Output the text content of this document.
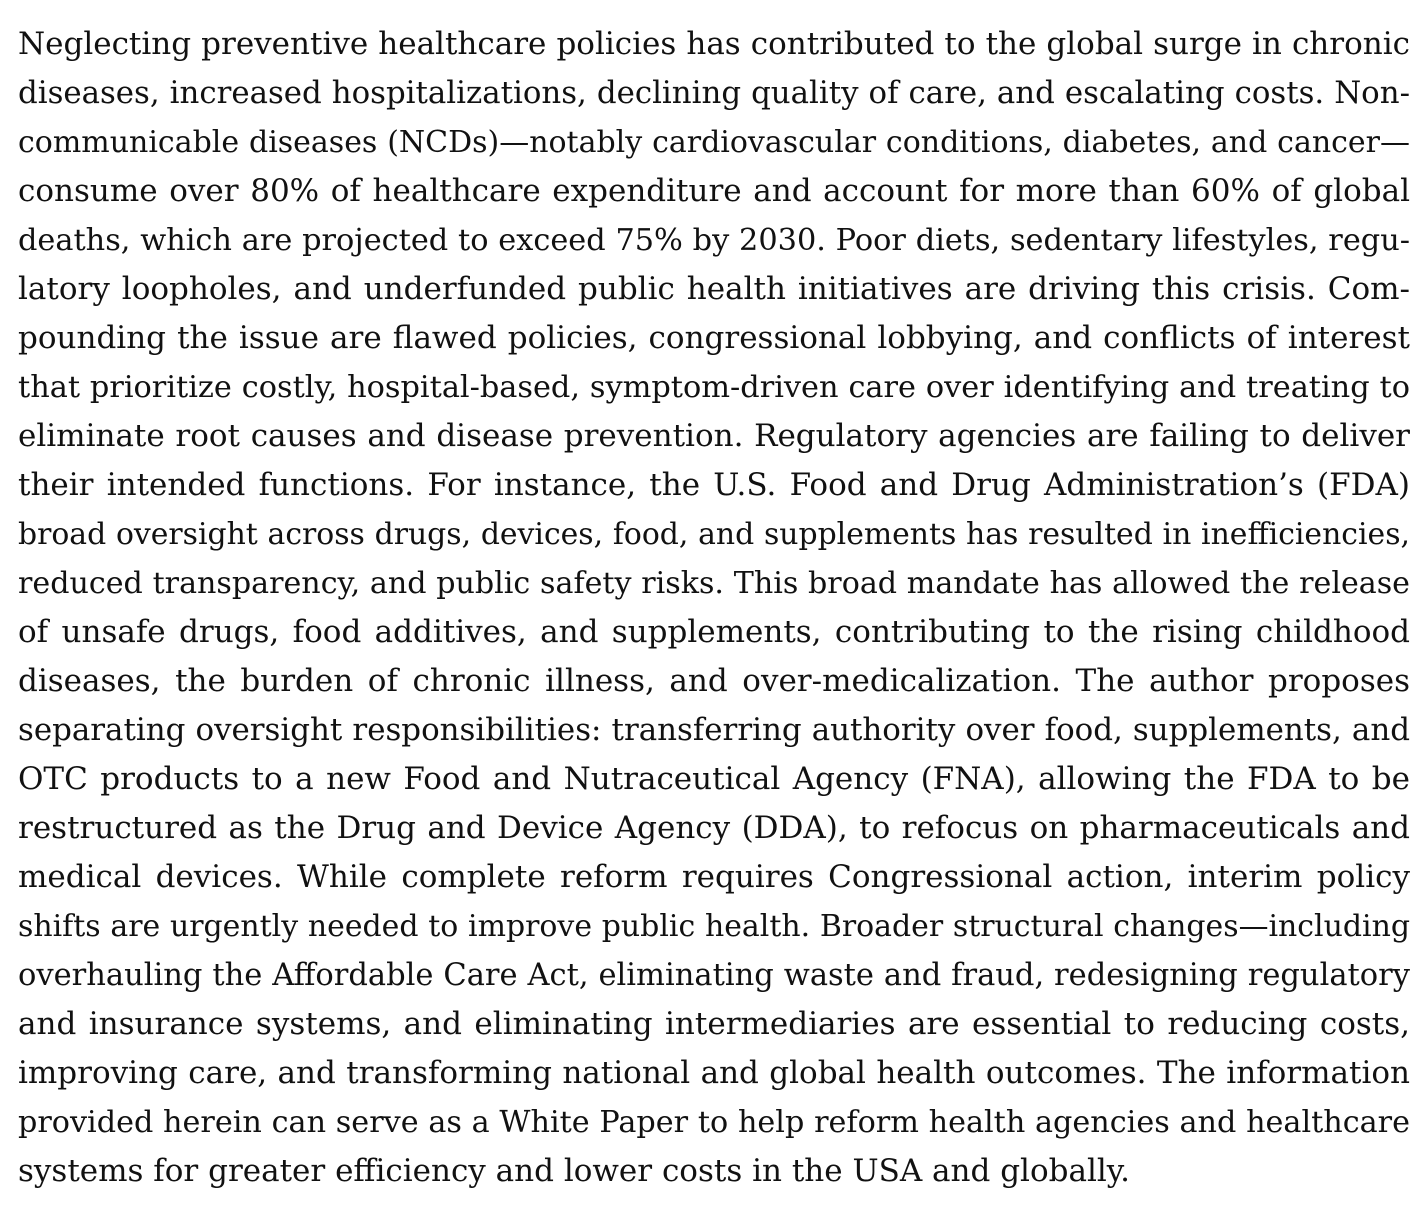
Neglecting preventive healthcare policies has contributed to the global surge in chronic
diseases, increased hospitalizations, declining quality of care, and escalating costs. Non-
communicable diseases (NCDs)—notably cardiovascular conditions, diabetes, and cancer—
consume over 80% of healthcare expenditure and account for more than 60% of global
deaths, which are projected to exceed 75% by 2030. Poor diets, sedentary lifestyles, regu-
latory loopholes, and underfunded public health initiatives are driving this crisis. Com-
pounding the issue are flawed policies, congressional lobbying, and conflicts of interest
that prioritize costly, hospital-based, symptom-driven care over identifying and treating to
eliminate root causes and disease prevention. Regulatory agencies are failing to deliver
their intended functions. For instance, the U.S. Food and Drug Administration’s (FDA)
broad oversight across drugs, devices, food, and supplements has resulted in inefficiencies,
reduced transparency, and public safety risks. This broad mandate has allowed the release
of unsafe drugs, food additives, and supplements, contributing to the rising childhood
diseases, the burden of chronic illness, and over-medicalization. The author proposes
separating oversight responsibilities: transferring authority over food, supplements, and
OTC products to a new Food and Nutraceutical Agency (FNA), allowing the FDA to be
restructured as the Drug and Device Agency (DDA), to refocus on pharmaceuticals and
medical devices. While complete reform requires Congressional action, interim policy
shifts are urgently needed to improve public health. Broader structural changes—including
overhauling the Affordable Care Act, eliminating waste and fraud, redesigning regulatory
and insurance systems, and eliminating intermediaries are essential to reducing costs,
improving care, and transforming national and global health outcomes. The information
provided herein can serve as a White Paper to help reform health agencies and healthcare
systems for greater efficiency and lower costs in the USA and globally.
